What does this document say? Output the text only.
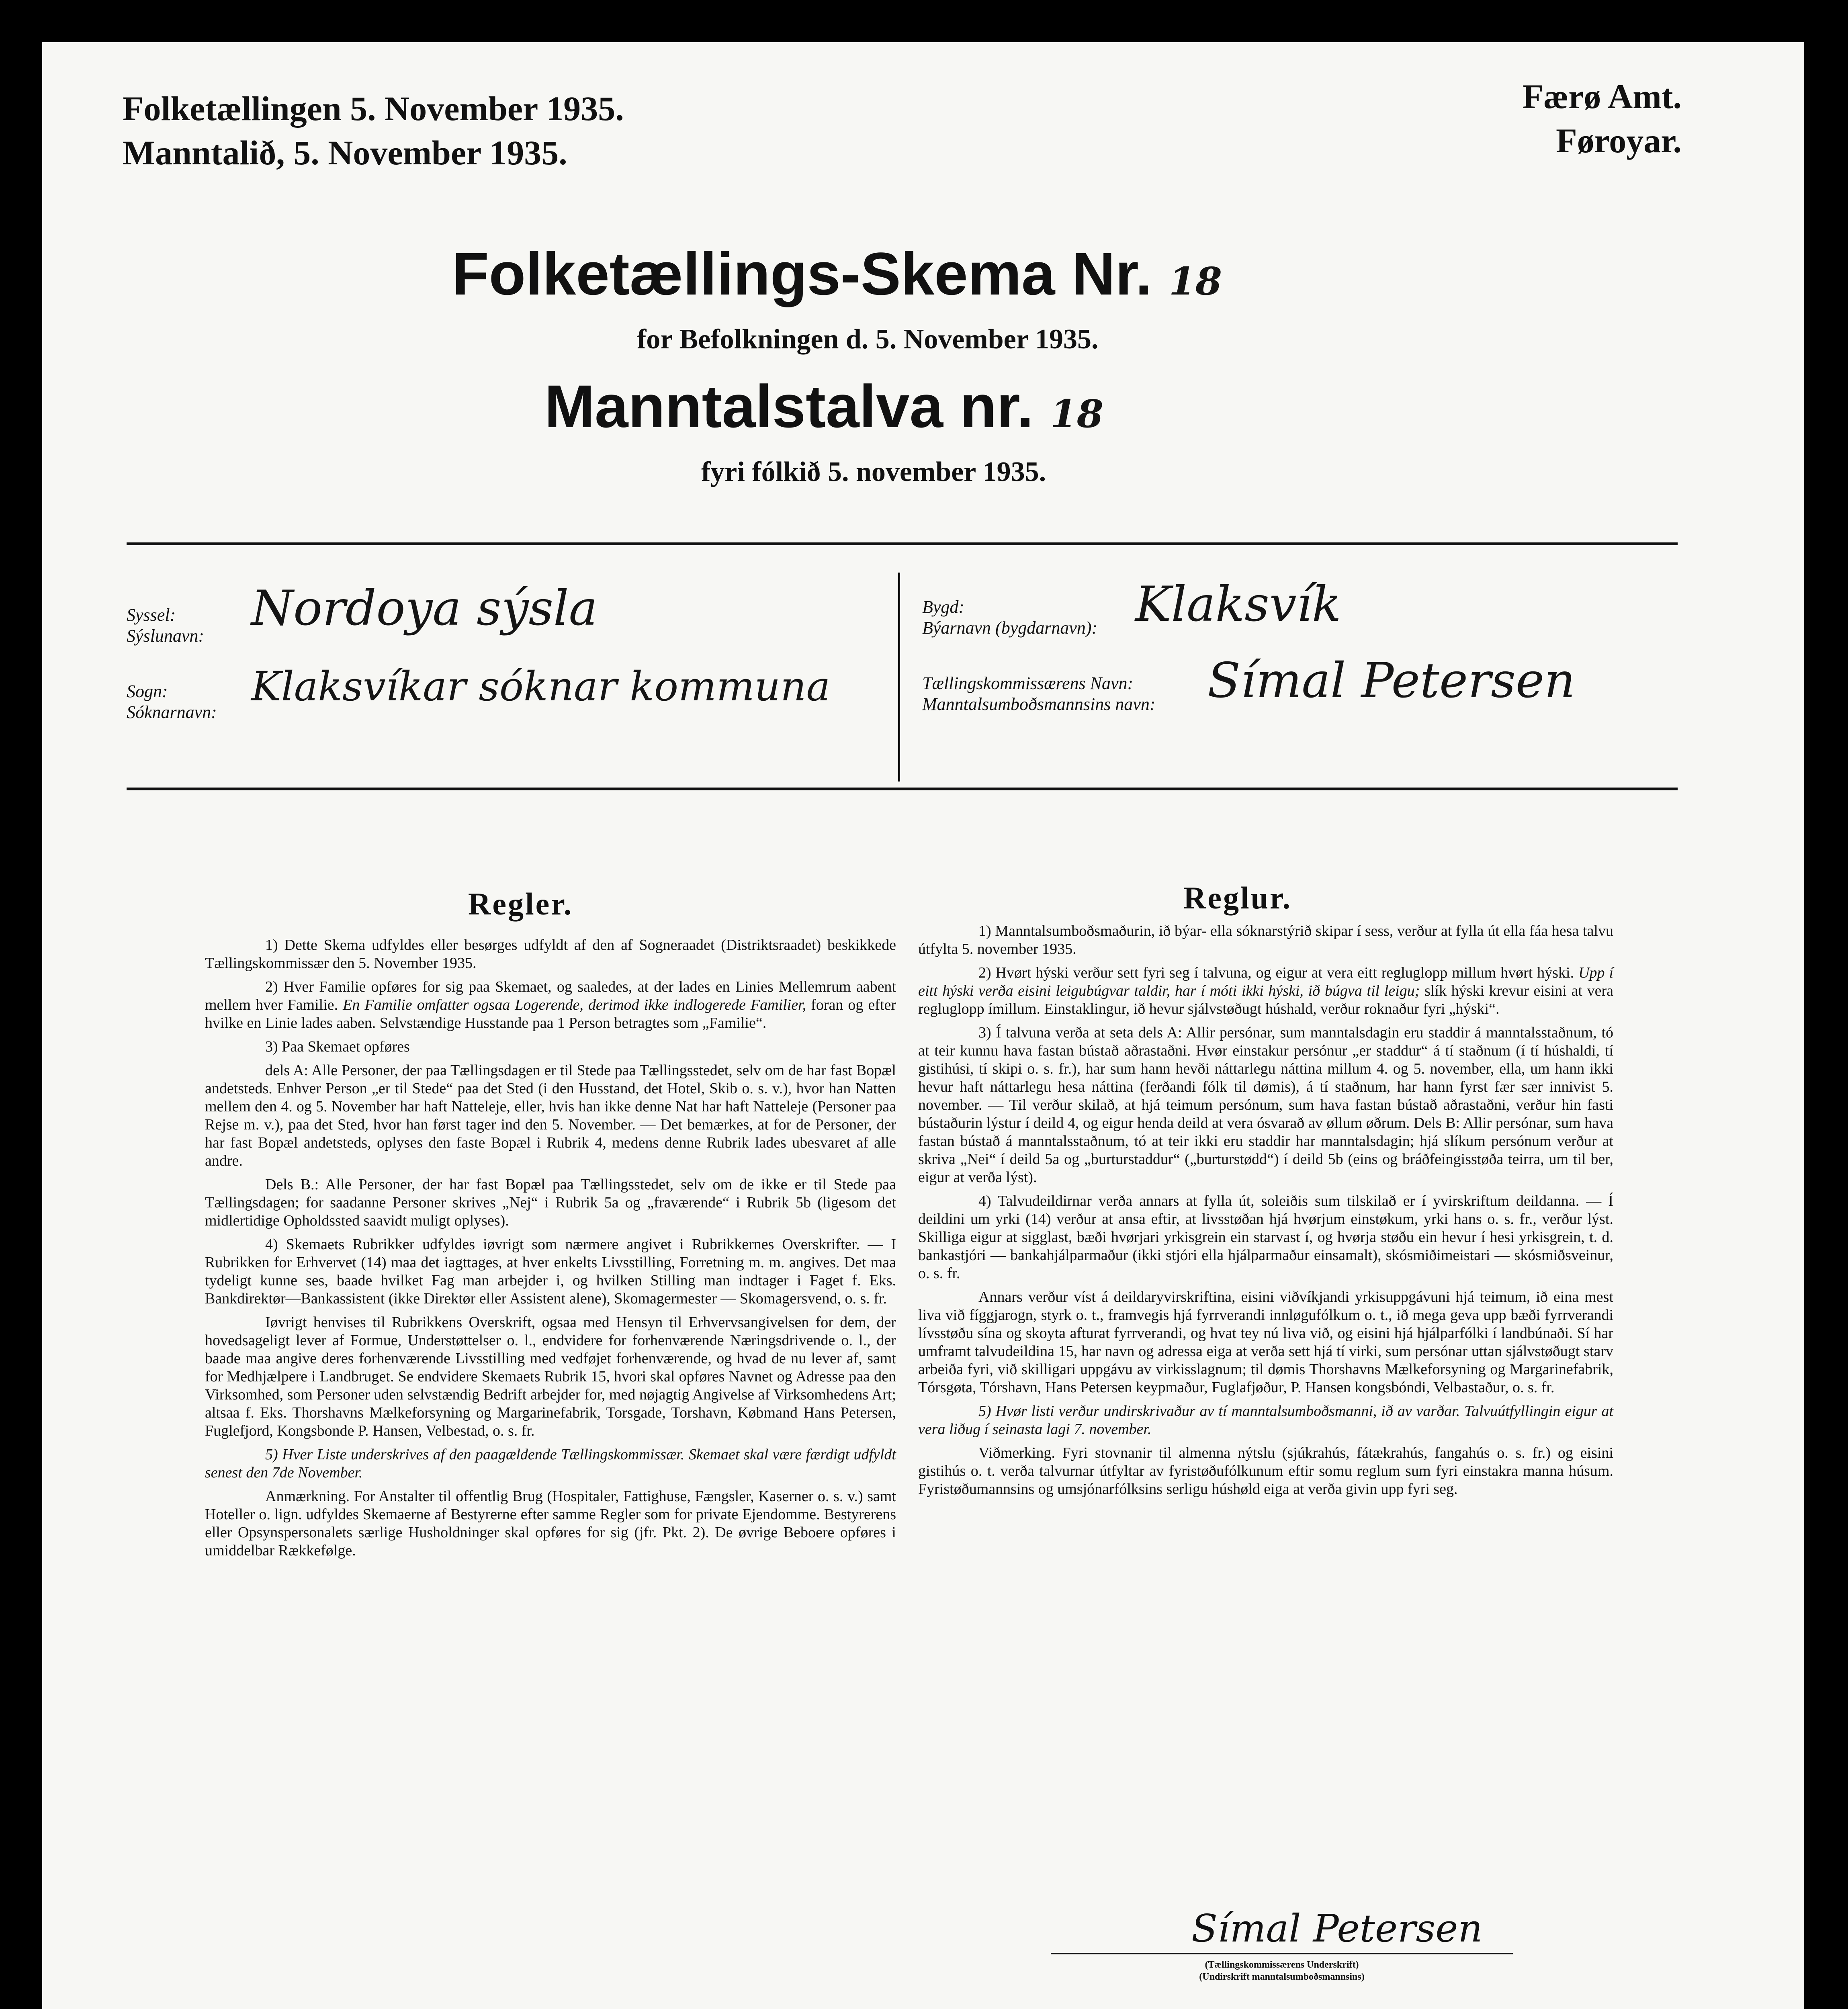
Folketællingen 5. November 1935.
Manntalið, 5. November 1935.
Færø Amt.
Føroyar.
Folketællings-Skema Nr. 18
for Befolkningen d. 5. November 1935.
Manntalstalva nr. 18
fyri fólkið 5. november 1935.
Syssel:
Sýslunavn: Nordoya sýsla
Sogn:
Sóknarnavn:
Klaksvíkar sóknar kommuna
Bygd:
Býarnavn (bygdarnavn): Klaksvík
Tællingskommissærens Navn:
Manntalsumboðsmannsins navn: Símal Petersen
Regler.

1) Dette Skema udfyldes eller besørges udfyldt af den af Sogneraadet (Distriktsraadet) beskikkede Tællingskommissær den 5. November 1935.

2) Hver Familie opføres for sig paa Skemaet, og saaledes, at der lades en Linies Mellemrum aabent mellem hver Familie. En Familie omfatter ogsaa Logerende, derimod ikke indlogerede Familier, foran og efter hvilke en Linie lades aaben. Selvstændige Husstande paa 1 Person betragtes som „Familie“.

3) Paa Skemaet opføres

dels A: Alle Personer, der paa Tællingsdagen er til Stede paa Tællingsstedet, selv om de har fast Bopæl andetsteds. Enhver Person „er til Stede“ paa det Sted (i den Husstand, det Hotel, Skib o. s. v.), hvor han Natten mellem den 4. og 5. November har haft Natteleje, eller, hvis han ikke denne Nat har haft Natteleje (Personer paa Rejse m. v.), paa det Sted, hvor han først tager ind den 5. November. — Det bemærkes, at for de Personer, der har fast Bopæl andetsteds, oplyses den faste Bopæl i Rubrik 4, medens denne Rubrik lades ubesvaret af alle andre.

Dels B.: Alle Personer, der har fast Bopæl paa Tællingsstedet, selv om de ikke er til Stede paa Tællingsdagen; for saadanne Personer skrives „Nej“ i Rubrik 5a og „fraværende“ i Rubrik 5b (ligesom det midlertidige Opholdssted saavidt muligt oplyses).

4) Skemaets Rubrikker udfyldes iøvrigt som nærmere angivet i Rubrikkernes Overskrifter. — I Rubrikken for Erhvervet (14) maa det iagttages, at hver enkelts Livsstilling, Forretning m. m. angives. Det maa tydeligt kunne ses, baade hvilket Fag man arbejder i, og hvilken Stilling man indtager i Faget f. Eks. Bankdirektør—Bankassistent (ikke Direktør eller Assistent alene), Skomagermester — Skomagersvend, o. s. fr.

Iøvrigt henvises til Rubrikkens Overskrift, ogsaa med Hensyn til Erhvervsangivelsen for dem, der hovedsageligt lever af Formue, Understøttelser o. l., endvidere for forhenværende Næringsdrivende o. l., der baade maa angive deres forhenværende Livsstilling med vedføjet forhenværende, og hvad de nu lever af, samt for Medhjælpere i Landbruget. Se endvidere Skemaets Rubrik 15, hvori skal opføres Navnet og Adresse paa den Virksomhed, som Personer uden selvstændig Bedrift arbejder for, med nøjagtig Angivelse af Virksomhedens Art; altsaa f. Eks. Thorshavns Mælkeforsyning og Margarinefabrik, Torsgade, Torshavn, Købmand Hans Petersen, Fuglefjord, Kongsbonde P. Hansen, Velbestad, o. s. fr.

5) Hver Liste underskrives af den paagældende Tællingskommissær. Skemaet skal være færdigt udfyldt senest den 7de November.

Anmærkning. For Anstalter til offentlig Brug (Hospitaler, Fattighuse, Fængsler, Kaserner o. s. v.) samt Hoteller o. lign. udfyldes Skemaerne af Bestyrerne efter samme Regler som for private Ejendomme. Bestyrerens eller Opsynspersonalets særlige Husholdninger skal opføres for sig (jfr. Pkt. 2). De øvrige Beboere opføres i umiddelbar Rækkefølge.

Reglur.

1) Manntalsumboðsmaðurin, ið býar- ella sóknarstýrið skipar í sess, verður at fylla út ella fáa hesa talvu útfylta 5. november 1935.

2) Hvørt hýski verður sett fyri seg í talvuna, og eigur at vera eitt regluglopp millum hvørt hýski. Upp í eitt hýski verða eisini leigubúgvar taldir, har í móti ikki hýski, ið búgva til leigu; slík hýski krevur eisini at vera regluglopp ímillum. Einstaklingur, ið hevur sjálvstøðugt húshald, verður roknaður fyri „hýski“.

3) Í talvuna verða at seta dels A: Allir persónar, sum manntalsdagin eru staddir á manntalsstaðnum, tó at teir kunnu hava fastan bústað aðrastaðni. Hvør einstakur persónur „er staddur“ á tí staðnum (í tí húshaldi, tí gistihúsi, tí skipi o. s. fr.), har sum hann hevði náttarlegu náttina millum 4. og 5. november, ella, um hann ikki hevur haft náttarlegu hesa náttina (ferðandi fólk til dømis), á tí staðnum, har hann fyrst fær sær innivist 5. november. — Til verður skilað, at hjá teimum persónum, sum hava fastan bústað aðrastaðni, verður hin fasti bústaðurin lýstur í deild 4, og eigur henda deild at vera ósvarað av øllum øðrum. Dels B: Allir persónar, sum hava fastan bústað á manntalsstaðnum, tó at teir ikki eru staddir har manntalsdagin; hjá slíkum persónum verður at skriva „Nei“ í deild 5a og „burturstaddur“ („burturstødd“) í deild 5b (eins og bráðfeingisstøða teirra, um til ber, eigur at verða lýst).

4) Talvudeildirnar verða annars at fylla út, soleiðis sum tilskilað er í yvirskriftum deildanna. — Í deildini um yrki (14) verður at ansa eftir, at livsstøðan hjá hvørjum einstøkum, yrki hans o. s. fr., verður lýst. Skilliga eigur at sigglast, bæði hvørjari yrkisgrein ein starvast í, og hvørja støðu ein hevur í hesi yrkisgrein, t. d. bankastjóri — bankahjálparmaður (ikki stjóri ella hjálparmaður einsamalt), skósmiðimeistari — skósmiðsveinur, o. s. fr.

Annars verður víst á deildaryvirskriftina, eisini viðvíkjandi yrkisuppgávuni hjá teimum, ið eina mest liva við fíggjarogn, styrk o. t., framvegis hjá fyrrverandi innløgufólkum o. t., ið mega geva upp bæði fyrrverandi lívsstøðu sína og skoyta afturat fyrrverandi, og hvat tey nú liva við, og eisini hjá hjálparfólki í landbúnaði. Sí har umframt talvudeildina 15, har navn og adressa eiga at verða sett hjá tí virki, sum persónar uttan sjálvstøðugt starv arbeiða fyri, við skilligari uppgávu av virkisslagnum; til dømis Thorshavns Mælkeforsyning og Margarinefabrik, Tórsgøta, Tórshavn, Hans Petersen keypmaður, Fuglafjøður, P. Hansen kongsbóndi, Velbastaður, o. s. fr.

5) Hvør listi verður undirskrivaður av tí manntalsumboðsmanni, ið av varðar. Talvuútfyllingin eigur at vera liðug í seinasta lagi 7. november.

Viðmerking. Fyri stovnanir til almenna nýtslu (sjúkrahús, fátækrahús, fangahús o. s. fr.) og eisini gistihús o. t. verða talvurnar útfyltar av fyristøðufólkunum eftir somu reglum sum fyri einstakra manna húsum. Fyristøðumannsins og umsjónarfólksins serligu húshøld eiga at verða givin upp fyri seg.

Símal Petersen
(Tællingskommissærens Underskrift)
(Undirskrift manntalsumboðsmannsins)
